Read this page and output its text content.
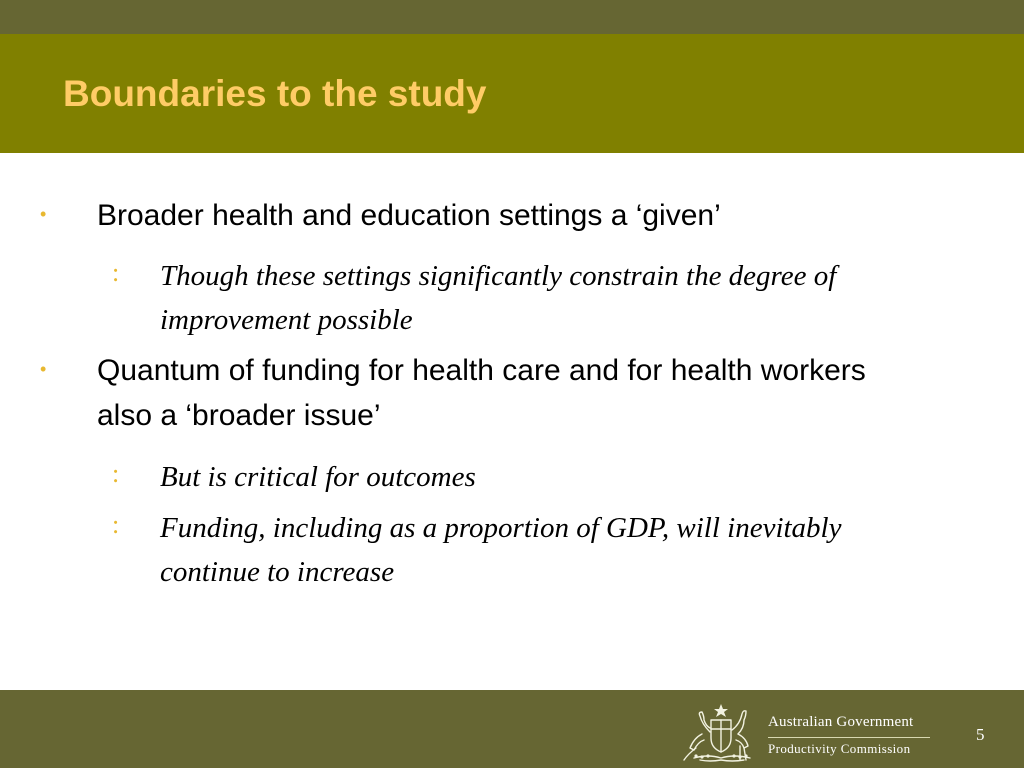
Boundaries to the study
• Broader health and education settings a ‘given’
: Though these settings significantly constrain the degree of improvement possible
• Quantum of funding for health care and for health workers also a ‘broader issue’
: But is critical for outcomes
: Funding, including as a proportion of GDP, will inevitably continue to increase
Australian Government
Productivity Commission
5
